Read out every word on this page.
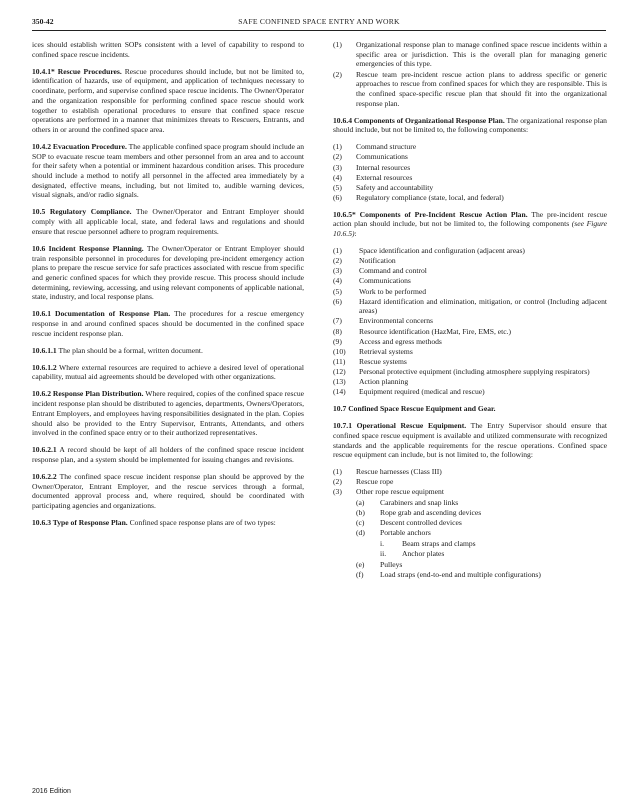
350-42	SAFE CONFINED SPACE ENTRY AND WORK

ices should establish written SOPs consistent with a level of capability to respond to confined space rescue incidents.

10.4.1* Rescue Procedures. Rescue procedures should include, but not be limited to, identification of hazards, use of equipment, and application of techniques necessary to coordinate, perform, and supervise confined space rescue incidents. The Owner/Operator and the organization responsible for performing confined space rescue should work together to establish operational procedures to ensure that confined space rescue operations are performed in a manner that minimizes threats to Rescuers, Entrants, and others in or around the confined space area.

10.4.2 Evacuation Procedure. The applicable confined space program should include an SOP to evacuate rescue team members and other personnel from an area and to account for their safety when a potential or imminent hazardous condition arises. This procedure should include a method to notify all personnel in the affected area immediately by a designated, effective means, including, but not limited to, audible warning devices, visual signals, and/or radio signals.

10.5 Regulatory Compliance. The Owner/Operator and Entrant Employer should comply with all applicable local, state, and federal laws and regulations and should ensure that rescue personnel adhere to program requirements.

10.6 Incident Response Planning. The Owner/Operator or Entrant Employer should train responsible personnel in procedures for developing pre-incident emergency action plans to prepare the rescue service for safe practices associated with rescue from specific and generic confined spaces for which they provide rescue. This process should include determining, reviewing, accessing, and using relevant components of applicable national, state, industry, and local response plans.

10.6.1 Documentation of Response Plan. The procedures for a rescue emergency response in and around confined spaces should be documented in the confined space rescue incident response plan.

10.6.1.1 The plan should be a formal, written document.

10.6.1.2 Where external resources are required to achieve a desired level of operational capability, mutual aid agreements should be developed with other organizations.

10.6.2 Response Plan Distribution. Where required, copies of the confined space rescue incident response plan should be distributed to agencies, departments, Owners/Operators, Entrant Employers, and employees having responsibilities designated in the plan. Copies should also be provided to the Entry Supervisor, Entrants, Attendants, and others involved in the confined space entry or to their authorized representatives.

10.6.2.1 A record should be kept of all holders of the confined space rescue incident response plan, and a system should be implemented for issuing changes and revisions.

10.6.2.2 The confined space rescue incident response plan should be approved by the Owner/Operator, Entrant Employer, and the rescue services through a formal, documented approval process and, where required, should be coordinated with participating agencies and organizations.

10.6.3 Type of Response Plan. Confined space response plans are of two types:

(1) Organizational response plan to manage confined space rescue incidents within a specific area or jurisdiction. This is the overall plan for managing generic emergencies of this type.
(2) Rescue team pre-incident rescue action plans to address specific or generic approaches to rescue from confined spaces for which they are responsible. This is the confined space-specific rescue plan that should fit into the organizational response plan.

10.6.4 Components of Organizational Response Plan. The organizational response plan should include, but not be limited to, the following components:

(1) Command structure
(2) Communications
(3) Internal resources
(4) External resources
(5) Safety and accountability
(6) Regulatory compliance (state, local, and federal)

10.6.5* Components of Pre-Incident Rescue Action Plan. The pre-incident rescue action plan should include, but not be limited to, the following components (see Figure 10.6.5):

(1) Space identification and configuration (adjacent areas)
(2) Notification
(3) Command and control
(4) Communications
(5) Work to be performed
(6) Hazard identification and elimination, mitigation, or control (Including adjacent areas)
(7) Environmental concerns
(8) Resource identification (HazMat, Fire, EMS, etc.)
(9) Access and egress methods
(10) Retrieval systems
(11) Rescue systems
(12) Personal protective equipment (including atmosphere supplying respirators)
(13) Action planning
(14) Equipment required (medical and rescue)

10.7 Confined Space Rescue Equipment and Gear.

10.7.1 Operational Rescue Equipment. The Entry Supervisor should ensure that confined space rescue equipment is available and utilized commensurate with recognized standards and the applicable requirements for the rescue operations. Confined space rescue equipment can include, but is not limited to, the following:

(1) Rescue harnesses (Class III)
(2) Rescue rope
(3) Other rope rescue equipment
(a) Carabiners and snap links
(b) Rope grab and ascending devices
(c) Descent controlled devices
(d) Portable anchors
i. Beam straps and clamps
ii. Anchor plates
(e) Pulleys
(f) Load straps (end-to-end and multiple configurations)
2016 Edition
